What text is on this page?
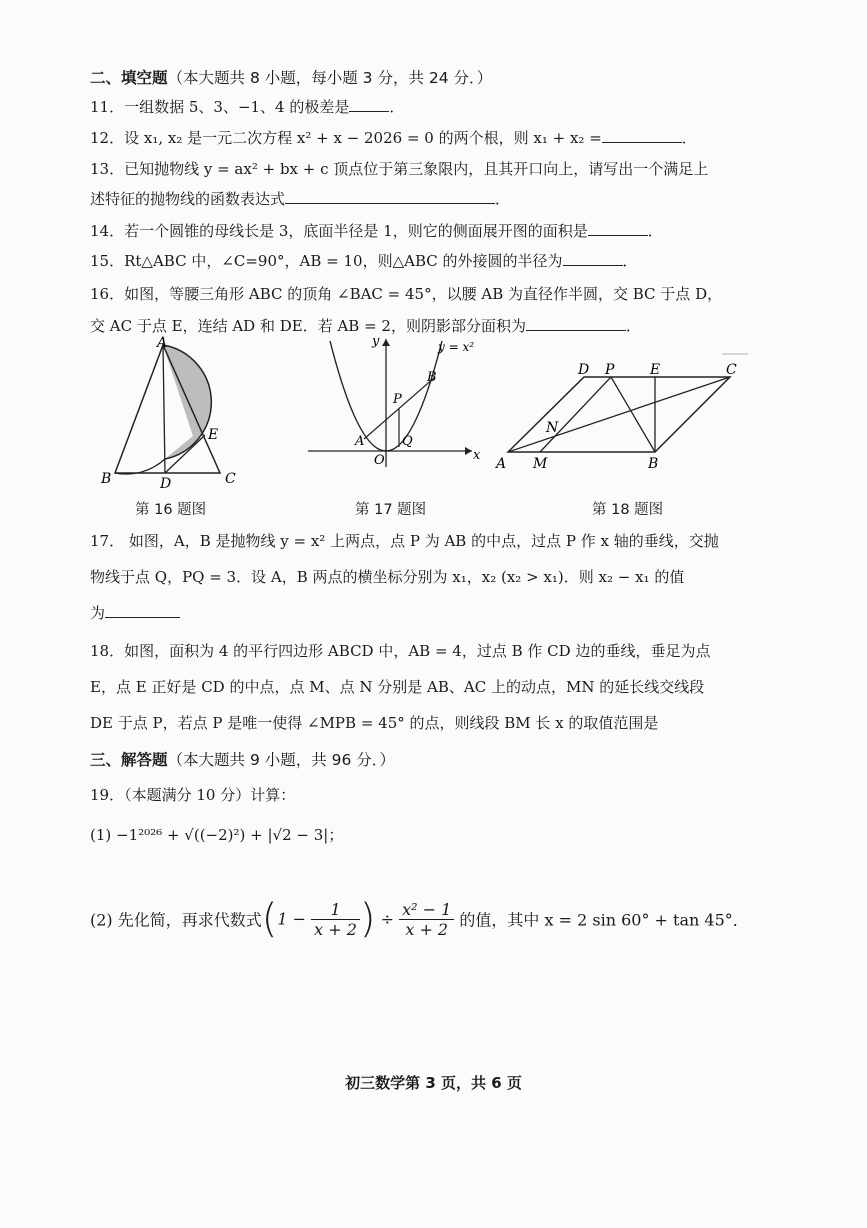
二、填空题（本大题共 8 小题，每小题 3 分，共 24 分．）
11．一组数据 5、3、−1、4 的极差是	．
12．设 x₁, x₂ 是一元二次方程 x² + x − 2026 = 0 的两个根，则 x₁ + x₂ =	．
13．已知抛物线 y = ax² + bx + c 顶点位于第三象限内，且其开口向上，请写出一个满足上
述特征的抛物线的函数表达式	．
14．若一个圆锥的母线长是 3，底面半径是 1，则它的侧面展开图的面积是	．
15．Rt△ABC 中，∠C=90°，AB = 10，则△ABC 的外接圆的半径为	．
16．如图，等腰三角形 ABC 的顶角 ∠BAC = 45°，以腰 AB 为直径作半圆，交 BC 于点 D，
交 AC 于点 E，连结 AD 和 DE．若 AB = 2，则阴影部分面积为	．
A
B	C
D
E
第 16 题图
y
x
O
A
B
P
Q
y = x²
第 17 题图
A M	B
C
D P	E
N
第 18 题图
17． 如图，A，B 是抛物线 y = x² 上两点，点 P 为 AB 的中点，过点 P 作 x 轴的垂线，交抛
物线于点 Q，PQ = 3．设 A，B 两点的横坐标分别为 x₁，x₂ (x₂ > x₁)．则 x₂ − x₁ 的值
为
18．如图，面积为 4 的平行四边形 ABCD 中，AB = 4，过点 B 作 CD 边的垂线，垂足为点
E，点 E 正好是 CD 的中点，点 M、点 N 分别是 AB、AC 上的动点，MN 的延长线交线段
DE 于点 P，若点 P 是唯一使得 ∠MPB = 45° 的点，则线段 BM 长 x 的取值范围是
三、解答题（本大题共 9 小题，共 96 分．）
19．（本题满分 10 分）计算：
(1) −1²⁰²⁶ + √((−2)²) + |√2 − 3|；
(2) 先化简，再求代数式($1 - \frac{1}{x + 2}$ ) ÷ $\frac{\text{x² − 1}}{x + 2}$ 的值，其中 x = 2 sin 60° + tan 45°．
初三数学第 3 页，共 6 页
